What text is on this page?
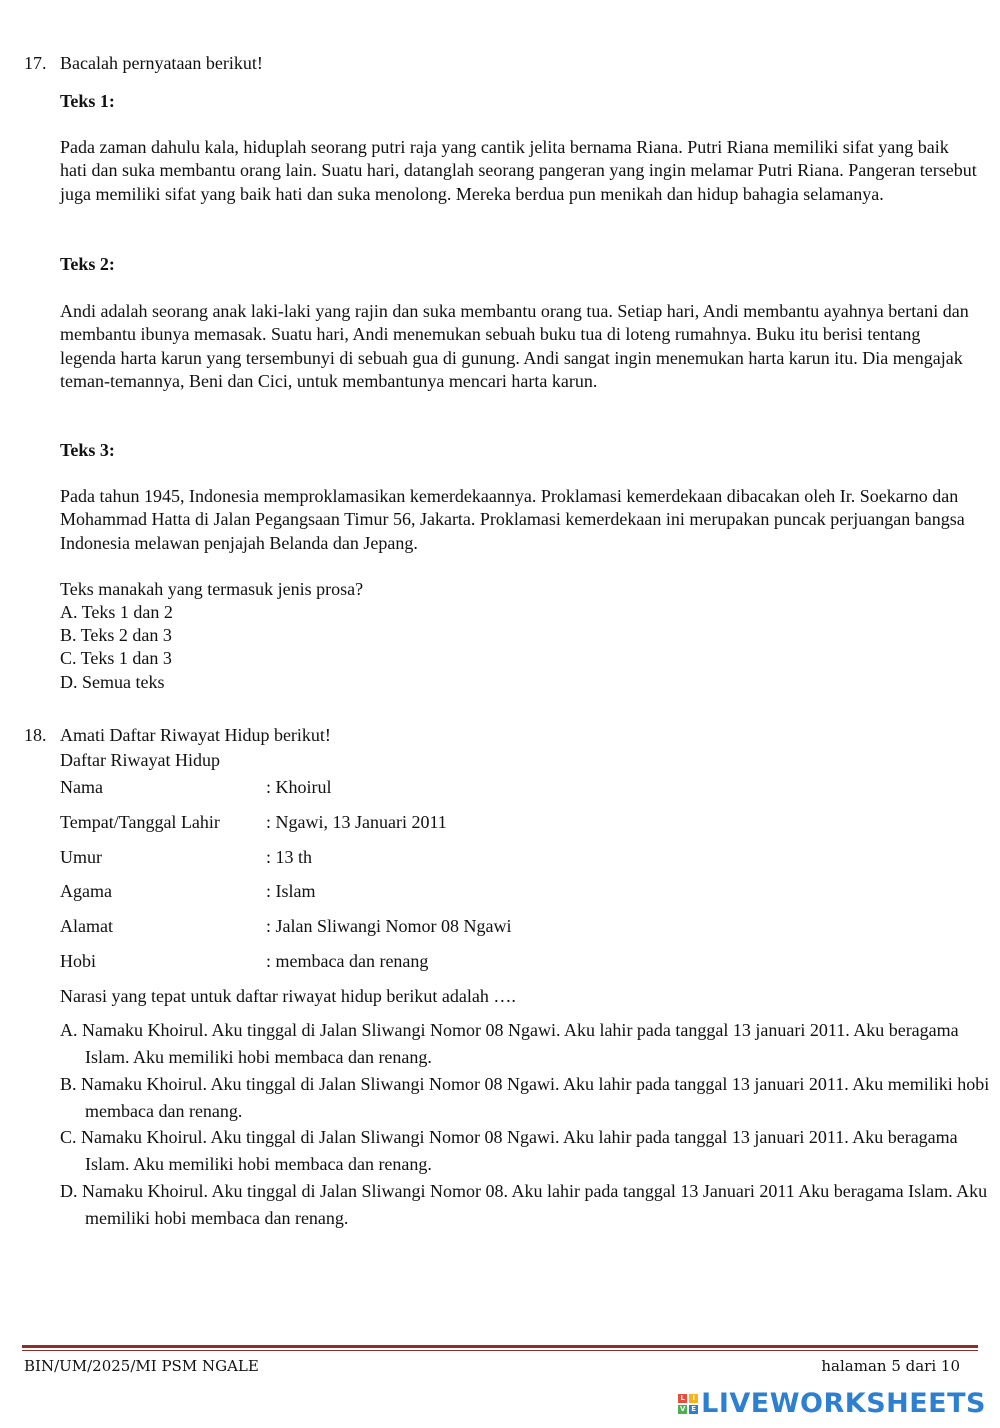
17. Bacalah pernyataan berikut!

Teks 1:

Pada zaman dahulu kala, hiduplah seorang putri raja yang cantik jelita bernama Riana. Putri Riana memiliki sifat yang baik hati dan suka membantu orang lain. Suatu hari, datanglah seorang pangeran yang ingin melamar Putri Riana. Pangeran tersebut juga memiliki sifat yang baik hati dan suka menolong. Mereka berdua pun menikah dan hidup bahagia selamanya.

Teks 2:

Andi adalah seorang anak laki-laki yang rajin dan suka membantu orang tua. Setiap hari, Andi membantu ayahnya bertani dan membantu ibunya memasak. Suatu hari, Andi menemukan sebuah buku tua di loteng rumahnya. Buku itu berisi tentang legenda harta karun yang tersembunyi di sebuah gua di gunung. Andi sangat ingin menemukan harta karun itu. Dia mengajak teman-temannya, Beni dan Cici, untuk membantunya mencari harta karun.

Teks 3:

Pada tahun 1945, Indonesia memproklamasikan kemerdekaannya. Proklamasi kemerdekaan dibacakan oleh Ir. Soekarno dan Mohammad Hatta di Jalan Pegangsaan Timur 56, Jakarta. Proklamasi kemerdekaan ini merupakan puncak perjuangan bangsa Indonesia melawan penjajah Belanda dan Jepang.

Teks manakah yang termasuk jenis prosa?

A. Teks 1 dan 2

B. Teks 2 dan 3

C. Teks 1 dan 3

D. Semua teks

18. Amati Daftar Riwayat Hidup berikut!

Daftar Riwayat Hidup

Nama	: Khoirul

Tempat/Tanggal Lahir	: Ngawi, 13 Januari 2011

Umur	: 13 th

Agama	: Islam

Alamat	: Jalan Sliwangi Nomor 08 Ngawi

Hobi	: membaca dan renang

Narasi yang tepat untuk daftar riwayat hidup berikut adalah ….

A. Namaku Khoirul. Aku tinggal di Jalan Sliwangi Nomor 08 Ngawi. Aku lahir pada tanggal 13 januari 2011. Aku beragama Islam. Aku memiliki hobi membaca dan renang.

B. Namaku Khoirul. Aku tinggal di Jalan Sliwangi Nomor 08 Ngawi. Aku lahir pada tanggal 13 januari 2011. Aku memiliki hobi membaca dan renang.

C. Namaku Khoirul. Aku tinggal di Jalan Sliwangi Nomor 08 Ngawi. Aku lahir pada tanggal 13 januari 2011. Aku beragama Islam. Aku memiliki hobi membaca dan renang.

D. Namaku Khoirul. Aku tinggal di Jalan Sliwangi Nomor 08. Aku lahir pada tanggal 13 Januari 2011 Aku beragama Islam. Aku memiliki hobi membaca dan renang.

BIN/UM/2025/MI PSM NGALE	halaman 5 dari 10

L	I
V E LIVEWORKSHEETS
